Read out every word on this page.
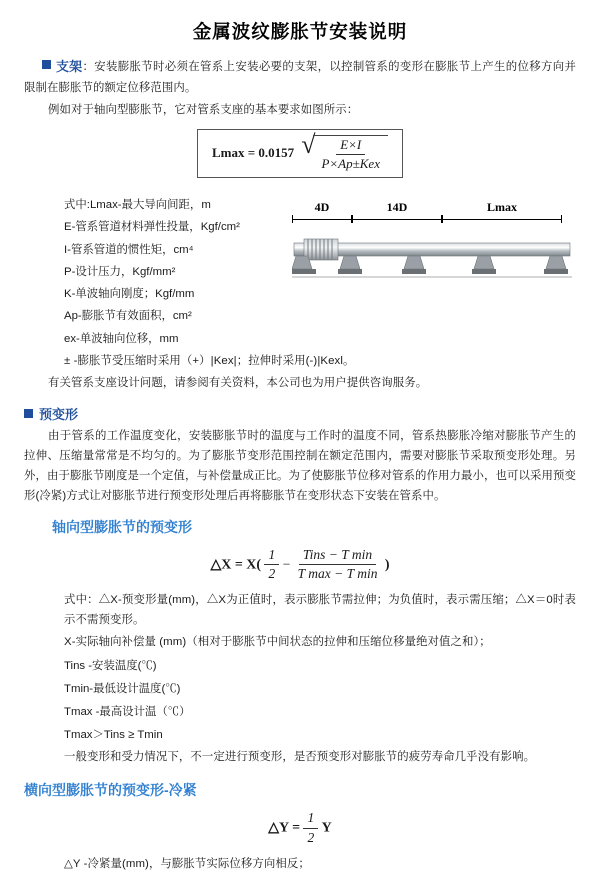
金属波纹膨胀节安装说明

支架：安装膨胀节时必须在管系上安装必要的支架，以控制管系的变形在膨胀节上产生的位移方向并限制在膨胀节的额定位移范围内。

例如对于轴向型膨胀节，它对管系支座的基本要求如图所示：

Lmax = 0.0157 √ $\frac{E\times I}{\text{P×Ap±Kex}}$
式中:Lmax-最大导向间距，m
E-管系管道材料弹性投量，Kgf/cm²
I-管系管道的惯性矩，cm⁴
P-设计压力，Kgf/mm²
K-单波轴向刚度；Kgf/mm
Ap-膨胀节有效面积，cm²
ex-单波轴向位移，mm
4D	14D	Lmax

± -膨胀节受压缩时采用（+）|Kex|；拉伸时采用(-)|Kexl。

有关管系支座设计问题，请参阅有关资料，本公司也为用户提供咨询服务。

预变形

由于管系的工作温度变化，安装膨胀节时的温度与工作时的温度不同，管系热膨胀冷缩对膨胀节产生的拉伸、压缩量常常是不均匀的。为了膨胀节变形范围控制在额定范围内，需要对膨胀节采取预变形处理。另外，由于膨胀节刚度是一个定值，与补偿量成正比。为了使膨胀节位移对管系的作用力最小，也可以采用预变形(冷紧)方式让对膨胀节进行预变形处理后再将膨胀节在变形状态下安装在管系中。

轴向型膨胀节的预变形
△X = $X( \frac{1}{2} - \frac{\text{Tins − T min}}{\text{T max − T min}}$ )

式中：△X-预变形量(mm)，△X为正值时，表示膨胀节需拉伸；为负值时，表示需压缩；△X＝0时表示不需预变形。

X-实际轴向补偿量 (mm)（相对于膨胀节中间状态的拉伸和压缩位移量绝对值之和）；

Tins -安装温度(℃)
Tmin-最低设计温度(℃)
Tmax -最高设计温（℃）
Tmax＞Tins ≥ Tmin

一般变形和受力情况下，不一定进行预变形，是否预变形对膨胀节的疲劳寿命几乎没有影响。

横向型膨胀节的预变形-冷紧
△Y = $\frac{1}{2}$ Y

△Y -冷紧量(mm)，与膨胀节实际位移方向相反；
